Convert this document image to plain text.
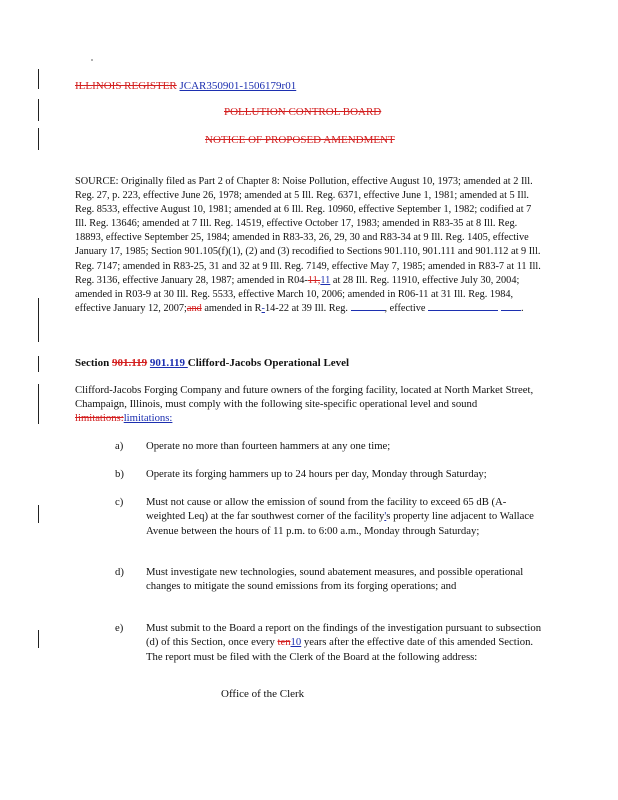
ILLINOIS REGISTER JCAR350901-1506179r01
POLLUTION CONTROL BOARD
NOTICE OF PROPOSED AMENDMENT
SOURCE: Originally filed as Part 2 of Chapter 8: Noise Pollution, effective August 10, 1973; amended at 2 Ill. Reg. 27, p. 223, effective June 26, 1978; amended at 5 Ill. Reg. 6371, effective June 1, 1981; amended at 5 Ill. Reg. 8533, effective August 10, 1981; amended at 6 Ill. Reg. 10960, effective September 1, 1982; codified at 7 Ill. Reg. 13646; amended at 7 Ill. Reg. 14519, effective October 17, 1983; amended in R83-35 at 8 Ill. Reg. 18893, effective September 25, 1984; amended in R83-33, 26, 29, 30 and R83-34 at 9 Ill. Reg. 1405, effective January 17, 1985; Section 901.105(f)(1), (2) and (3) recodified to Sections 901.110, 901.111 and 901.112 at 9 Ill. Reg. 7147; amended in R83-25, 31 and 32 at 9 Ill. Reg. 7149, effective May 7, 1985; amended in R83-7 at 11 Ill. Reg. 3136, effective January 28, 1987; amended in R04-11,11 at 28 Ill. Reg. 11910, effective July 30, 2004; amended in R03-9 at 30 Ill. Reg. 5533, effective March 10, 2006; amended in R06-11 at 31 Ill. Reg. 1984, effective January 12, 2007;and amended in R-14-22 at 39 Ill. Reg.	, effective	.
Section 901.119 901.119 Clifford-Jacobs Operational Level
Clifford-Jacobs Forging Company and future owners of the forging facility, located at North Market Street, Champaign, Illinois, must comply with the following site-specific operational level and sound limitations:limitations:
a) Operate no more than fourteen hammers at any one time;
b) Operate its forging hammers up to 24 hours per day, Monday through Saturday;
c) Must not cause or allow the emission of sound from the facility to exceed 65 dB (A-weighted Leq) at the far southwest corner of the facility's property line adjacent to Wallace Avenue between the hours of 11 p.m. to 6:00 a.m., Monday through Saturday;
d) Must investigate new technologies, sound abatement measures, and possible operational changes to mitigate the sound emissions from its forging operations; and
e) Must submit to the Board a report on the findings of the investigation pursuant to subsection (d) of this Section, once every ten10 years after the effective date of this amended Section. The report must be filed with the Clerk of the Board at the following address:
Office of the Clerk
